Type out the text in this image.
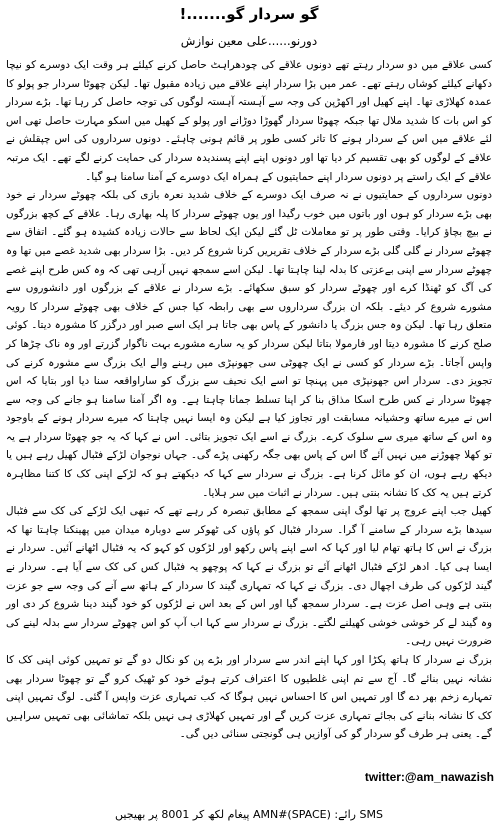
گو سردار گو.......!
دورنو......علی معین نوازش

کسی علاقے میں دو سردار رہتے تھے دونوں علاقے کی چودھراہٹ حاصل کرنے کیلئے ہر وقت ایک دوسرے کو نیچا دکھانے کیلئے کوشاں رہتے تھے۔ عمر میں بڑا سردار اپنے علاقے میں زیادہ مقبول تھا۔ لیکن چھوٹا سردار جو پولو کا عمدہ کھلاڑی تھا۔ اپنے کھیل اور اکھڑپن کی وجہ سے آہستہ آہستہ لوگوں کی توجہ حاصل کر رہا تھا۔ بڑے سردار کو اس بات کا شدید ملال تھا جبکہ چھوٹا سردار گھوڑا دوڑانے اور پولو کے کھیل میں اسکو مہارت حاصل تھی اس لئے علاقے میں اس کے سردار ہونے کا تاثر کسی طور پر قائم ہونی چاہئے۔ دونوں سرداروں کی اس چپقلش نے علاقے کے لوگوں کو بھی تقسیم کر دیا تھا اور دونوں اپنے اپنے پسندیدہ سردار کی حمایت کرنے لگے تھے۔ ایک مرتبہ علاقے کے ایک راستے پر دونوں سردار اپنے حمایتیوں کے ہمراہ ایک دوسرے کے آمنا سامنا ہو گیا۔

دونوں سرداروں کے حمایتیوں نے نہ صرف ایک دوسرے کے خلاف شدید نعرہ بازی کی بلکہ چھوٹے سردار نے خود بھی بڑے سردار کو ہوں اور باتوں میں خوب رگیدا اور یوں چھوٹے سردار کا پلہ بھاری رہا۔ علاقے کے کچھ بزرگوں نے بیچ بچاؤ کرایا۔ وقتی طور پر تو معاملات ٹل گئے لیکن ایک لحاظ سے حالات زیادہ کشیدہ ہو گئے۔ اتفاق سے چھوٹے سردار نے گلی گلی بڑے سردار کے خلاف تقریریں کرنا شروع کر دیں۔ بڑا سردار بھی شدید غصے میں تھا وہ چھوٹے سردار سے اپنی بےعزتی کا بدلہ لینا چاہتا تھا۔ لیکن اسے سمجھ نہیں آرہی تھی کہ وہ کس طرح اپنے غصے کی آگ کو ٹھنڈا کرے اور چھوٹے سردار کو سبق سکھائے۔ بڑے سردار نے علاقے کے بزرگوں اور دانشوروں سے مشورے شروع کر دیئے۔ بلکہ ان بزرگ سرداروں سے بھی رابطہ کیا جس کے خلاف بھی چھوٹے سردار کا رویہ متعلق رہا تھا۔ لیکن وہ جس بزرگ یا دانشور کے پاس بھی جاتا ہر ایک اسے صبر اور درگزر کا مشورہ دیتا۔ کوئی صلح کرنے کا مشورہ دیتا اور فارمولا بتاتا لیکن سردار کو یہ سارے مشورے بہت ناگوار گزرتے اور وہ ناک چڑھا کر واپس آجاتا۔ بڑے سردار کو کسی نے ایک چھوٹی سی جھونپڑی میں رہنے والے ایک بزرگ سے مشورہ کرنے کی تجویز دی۔ سردار اس جھونپڑی میں پہنچا تو اسے ایک نحیف سے بزرگ کو ساراواقعہ سنا دیا اور بتایا کہ اس چھوٹا سردار نے کس طرح اسکا مذاق بنا کر اپنا تسلط جمانا چاہتا ہے۔ وہ اگر آمنا سامنا ہو جانے کی وجہ سے اس نے میرے ساتھ وحشیانہ مسابقت اور تجاوز کیا ہے لیکن وہ ایسا نہیں چاہتا کہ میرے سردار ہونے کے باوجود وہ اس کے ساتھ میری سے سلوک کرے۔ بزرگ نے اسے ایک تجویز بتائی۔ اس نے کہا کہ یہ جو چھوٹا سردار ہے یہ تو کھلا چھوڑنے میں نہیں آئے گا اس کے پاس بھی جگہ رکھنی پڑے گی۔ جہاں نوجوان لڑکے فٹبال کھیل رہے ہیں یا دیکھ رہے ہوں، ان کو مائل کرنا ہے۔ بزرگ نے سردار سے کہا کہ دیکھتے ہو کہ لڑکے اپنی کک کا کتنا مظاہرہ کرتے ہیں یہ کک کا نشانہ بنتی ہیں۔ سردار نے اثبات میں سر ہلایا۔

کھیل جب اپنے عروج پر تھا لوگ اپنی سمجھ کے مطابق تبصرہ کر رہے تھے کہ تبھی ایک لڑکے کی کک سے فٹبال سیدھا بڑے سردار کے سامنے آ گرا۔ سردار فٹبال کو پاؤں کی ٹھوکر سے دوبارہ میدان میں پھینکنا چاہتا تھا کہ بزرگ نے اس کا ہاتھ تھام لیا اور کہا کہ اسے اپنے پاس رکھو اور لڑکوں کو کہو کہ یہ فٹبال اٹھانے آئیں۔ سردار نے ایسا ہی کیا۔ ادھر لڑکے فٹبال اٹھانے آئے تو بزرگ نے کہا کہ پوچھو یہ فٹبال کس کی کک سے آیا ہے۔ سردار نے گیند لڑکوں کی طرف اچھال دی۔ بزرگ نے کہا کہ تمہاری گیند کا سردار کے ہاتھ سے آنے کی وجہ سے جو عزت بنتی ہے وہی اصل عزت ہے۔ سردار سمجھ گیا اور اس کے بعد اس نے لڑکوں کو خود گیند دینا شروع کر دی اور وہ گیند لے کر خوشی خوشی کھیلنے لگتے۔ بزرگ نے سردار سے کہا اب آپ کو اس چھوٹے سردار سے بدلہ لینے کی ضرورت نہیں رہی۔

بزرگ نے سردار کا ہاتھ پکڑا اور کہا اپنے اندر سے سردار اور بڑے پن کو نکال دو گے تو تمہیں کوئی اپنی کک کا نشانہ نہیں بنائے گا۔ آج سے تم اپنی غلطیوں کا اعتراف کرتے ہوئے خود کو ٹھیک کرو گے تو چھوٹا سردار بھی تمہارے زخم بھر دے گا اور تمہیں اس کا احساس نہیں ہوگا کہ کب تمہاری عزت واپس آ گئی۔ لوگ تمہیں اپنی کک کا نشانہ بنانے کی بجائے تمہاری عزت کریں گے اور تمہیں کھلاڑی ہی نہیں بلکہ تماشائی بھی تمہیں سراہیں گے۔ یعنی ہر طرف گو سردار گو کی آوازیں ہی گونجتی سنائی دیں گی۔

twitter:@am_nawazish
SMS رائے: (SPACE)#AMN پیغام لکھ کر 8001 پر بھیجیں
